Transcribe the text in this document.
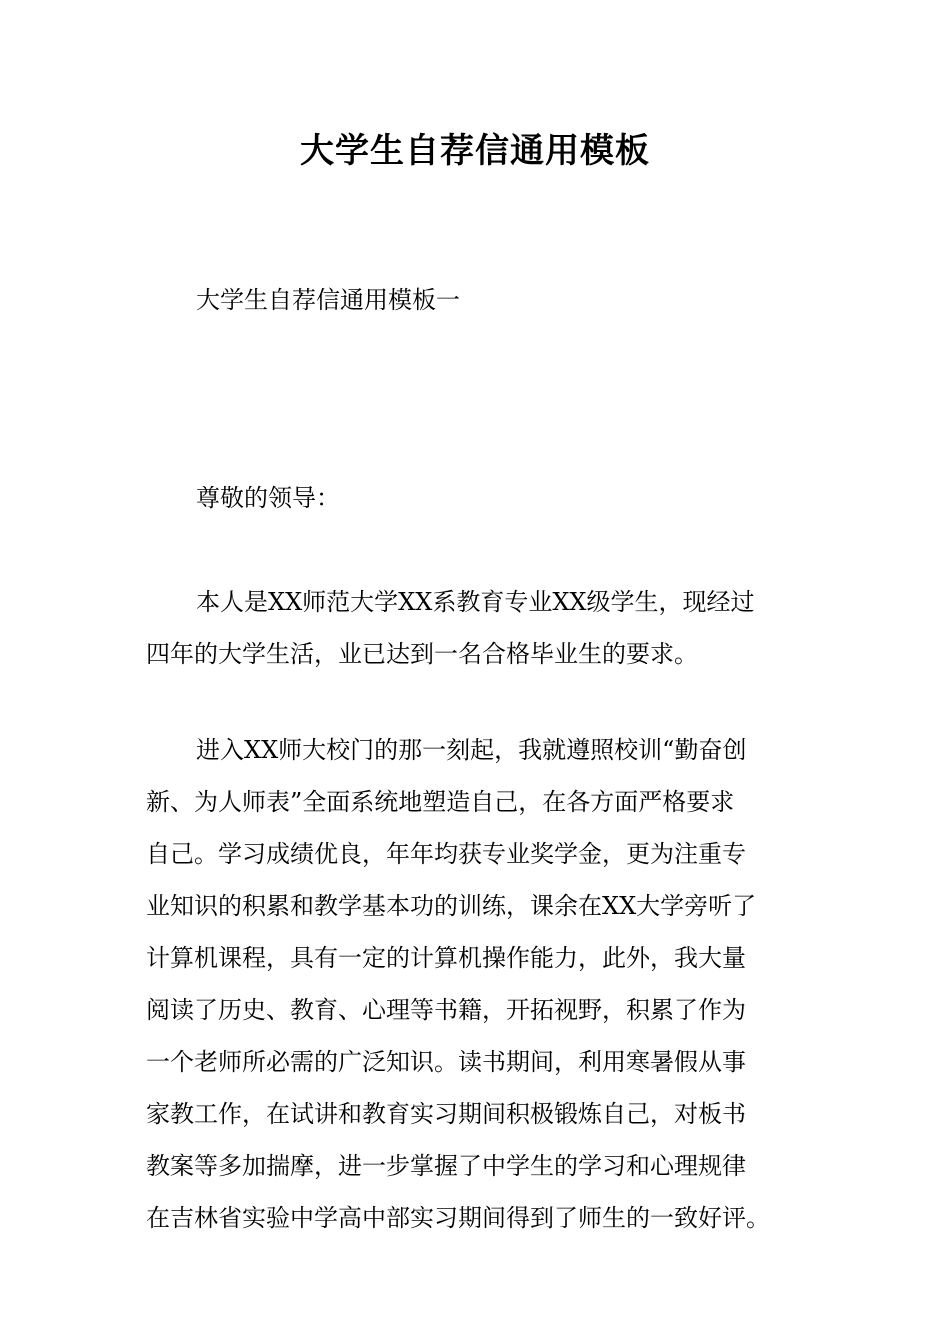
大学生自荐信通用模板
大学生自荐信通用模板一
尊敬的领导：
本人是XX师范大学XX系教育专业XX级学生，现经过
四年的大学生活，业已达到一名合格毕业生的要求。
进入XX师大校门的那一刻起，我就遵照校训“勤奋创
新、为人师表”全面系统地塑造自己，在各方面严格要求
自己。学习成绩优良，年年均获专业奖学金，更为注重专
业知识的积累和教学基本功的训练，课余在XX大学旁听了
计算机课程，具有一定的计算机操作能力，此外，我大量
阅读了历史、教育、心理等书籍，开拓视野，积累了作为
一个老师所必需的广泛知识。读书期间，利用寒暑假从事
家教工作，在试讲和教育实习期间积极锻炼自己，对板书
教案等多加揣摩，进一步掌握了中学生的学习和心理规律
在吉林省实验中学高中部实习期间得到了师生的一致好评。
